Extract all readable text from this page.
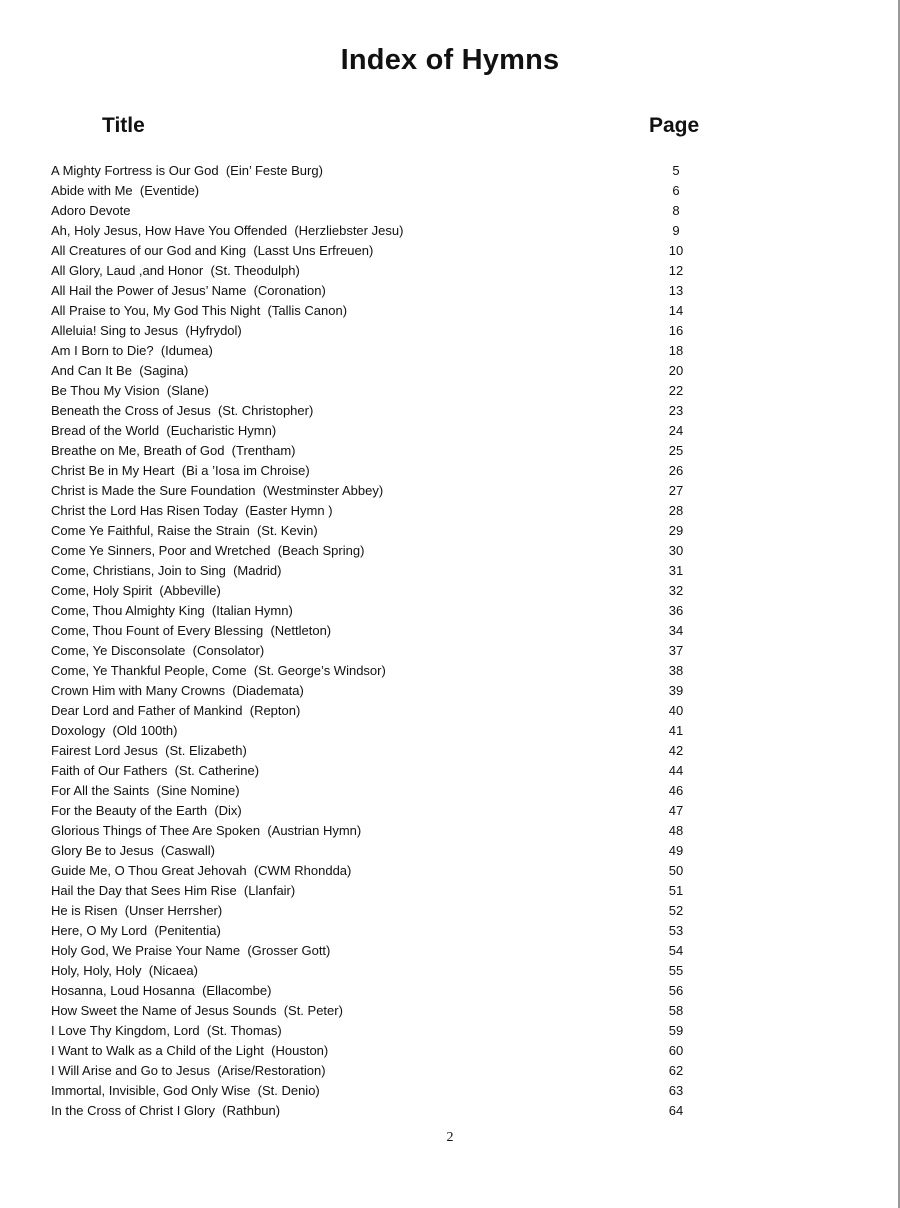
Index of Hymns
Title	Page
A Mighty Fortress is Our God (Ein’ Feste Burg)	5
Abide with Me (Eventide)	6
Adoro Devote	8
Ah, Holy Jesus, How Have You Offended (Herzliebster Jesu)	9
All Creatures of our God and King (Lasst Uns Erfreuen)	10
All Glory, Laud ,and Honor (St. Theodulph)	12
All Hail the Power of Jesus’ Name (Coronation)	13
All Praise to You, My God This Night (Tallis Canon)	14
Alleluia! Sing to Jesus (Hyfrydol)	16
Am I Born to Die? (Idumea)	18
And Can It Be (Sagina)	20
Be Thou My Vision (Slane)	22
Beneath the Cross of Jesus (St. Christopher)	23
Bread of the World (Eucharistic Hymn)	24
Breathe on Me, Breath of God (Trentham)	25
Christ Be in My Heart (Bi a ’Iosa im Chroise)	26
Christ is Made the Sure Foundation (Westminster Abbey)	27
Christ the Lord Has Risen Today (Easter Hymn )	28
Come Ye Faithful, Raise the Strain (St. Kevin)	29
Come Ye Sinners, Poor and Wretched (Beach Spring)	30
Come, Christians, Join to Sing (Madrid)	31
Come, Holy Spirit (Abbeville)	32
Come, Thou Almighty King (Italian Hymn)	36
Come, Thou Fount of Every Blessing (Nettleton)	34
Come, Ye Disconsolate (Consolator)	37
Come, Ye Thankful People, Come (St. George’s Windsor)	38
Crown Him with Many Crowns (Diademata)	39
Dear Lord and Father of Mankind (Repton)	40
Doxology (Old 100th)	41
Fairest Lord Jesus (St. Elizabeth)	42
Faith of Our Fathers (St. Catherine)	44
For All the Saints (Sine Nomine)	46
For the Beauty of the Earth (Dix)	47
Glorious Things of Thee Are Spoken (Austrian Hymn)	48
Glory Be to Jesus (Caswall)	49
Guide Me, O Thou Great Jehovah (CWM Rhondda)	50
Hail the Day that Sees Him Rise (Llanfair)	51
He is Risen (Unser Herrsher)	52
Here, O My Lord (Penitentia)	53
Holy God, We Praise Your Name (Grosser Gott)	54
Holy, Holy, Holy (Nicaea)	55
Hosanna, Loud Hosanna (Ellacombe)	56
How Sweet the Name of Jesus Sounds (St. Peter)	58
I Love Thy Kingdom, Lord (St. Thomas)	59
I Want to Walk as a Child of the Light (Houston)	60
I Will Arise and Go to Jesus (Arise/Restoration)	62
Immortal, Invisible, God Only Wise (St. Denio)	63
In the Cross of Christ I Glory (Rathbun)	64
2
